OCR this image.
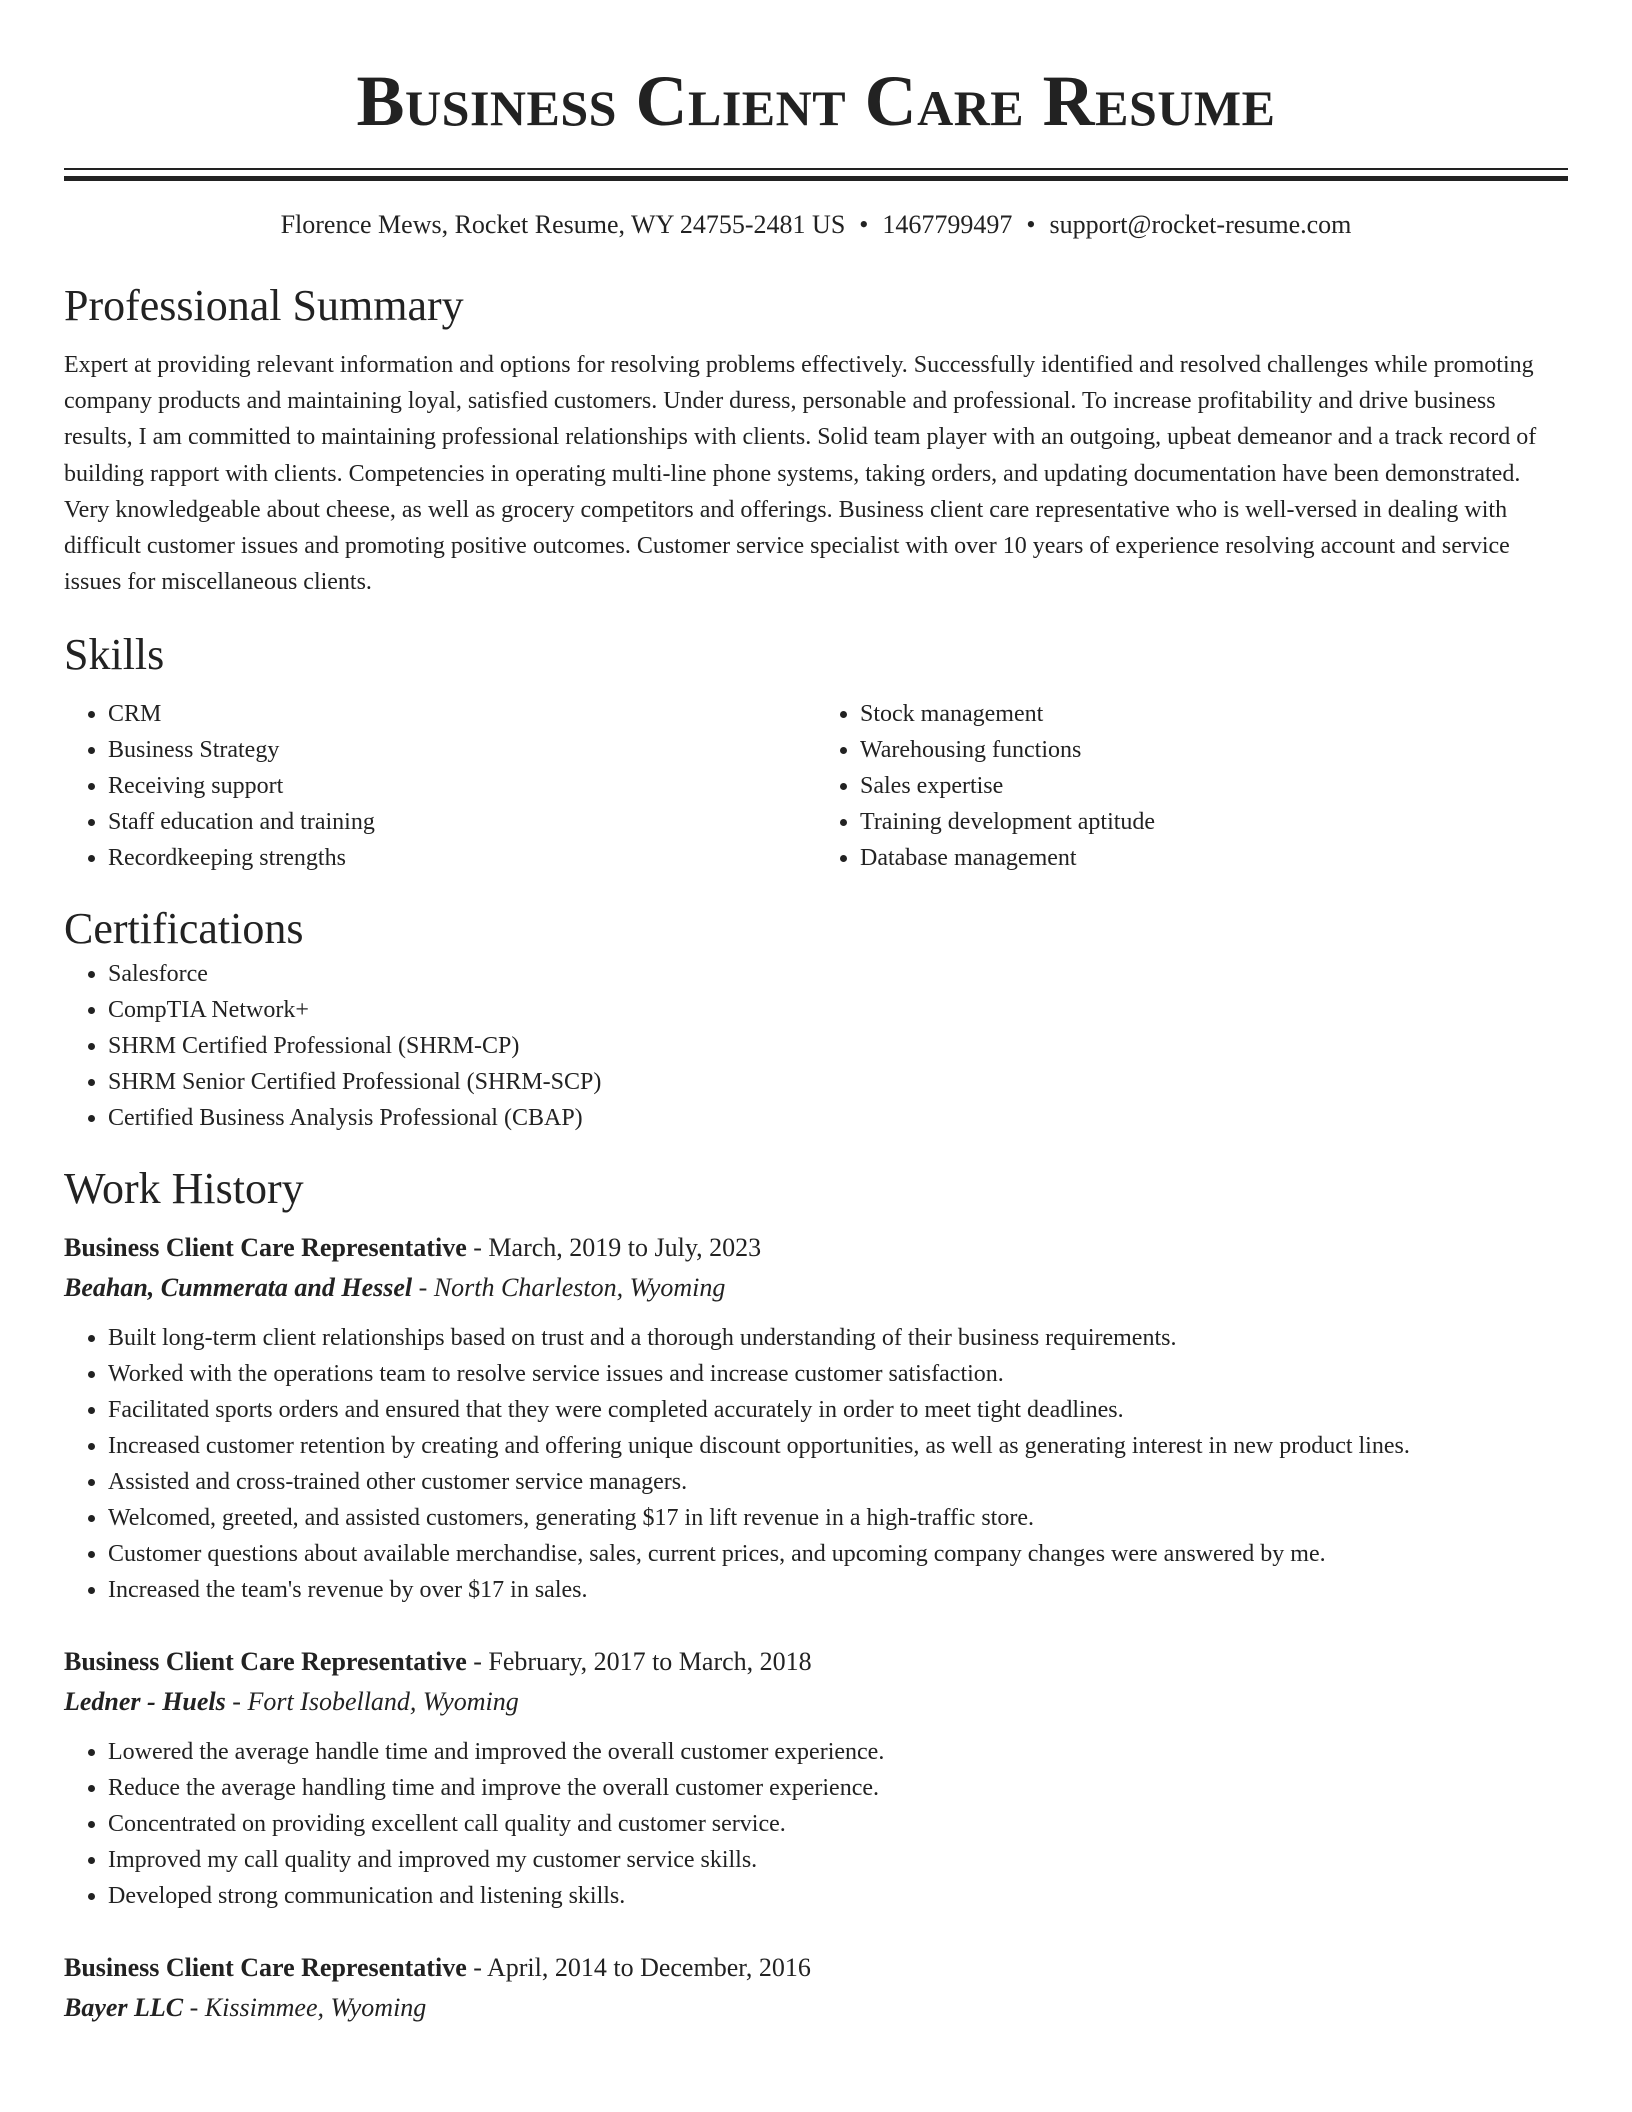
Business Client Care Resume
Florence Mews, Rocket Resume, WY 24755-2481 US • 1467799497 • support@rocket-resume.com
Professional Summary

Expert at providing relevant information and options for resolving problems effectively. Successfully identified and resolved challenges while promoting company products and maintaining loyal, satisfied customers. Under duress, personable and professional. To increase profitability and drive business results, I am committed to maintaining professional relationships with clients. Solid team player with an outgoing, upbeat demeanor and a track record of building rapport with clients. Competencies in operating multi-line phone systems, taking orders, and updating documentation have been demonstrated. Very knowledgeable about cheese, as well as grocery competitors and offerings. Business client care representative who is well-versed in dealing with difficult customer issues and promoting positive outcomes. Customer service specialist with over 10 years of experience resolving account and service issues for miscellaneous clients.

Skills
• CRM
• Business Strategy
• Receiving support
• Staff education and training
• Recordkeeping strengths
• Stock management
• Warehousing functions
• Sales expertise
• Training development aptitude
• Database management
Certifications
• Salesforce
• CompTIA Network+
• SHRM Certified Professional (SHRM-CP)
• SHRM Senior Certified Professional (SHRM-SCP)
• Certified Business Analysis Professional (CBAP)
Work History
Business Client Care Representative - March, 2019 to July, 2023
Beahan, Cummerata and Hessel - North Charleston, Wyoming
• Built long-term client relationships based on trust and a thorough understanding of their business requirements.
• Worked with the operations team to resolve service issues and increase customer satisfaction.
• Facilitated sports orders and ensured that they were completed accurately in order to meet tight deadlines.
• Increased customer retention by creating and offering unique discount opportunities, as well as generating interest in new product lines.
• Assisted and cross-trained other customer service managers.
• Welcomed, greeted, and assisted customers, generating $17 in lift revenue in a high-traffic store.
• Customer questions about available merchandise, sales, current prices, and upcoming company changes were answered by me.
• Increased the team's revenue by over $17 in sales.
Business Client Care Representative - February, 2017 to March, 2018
Ledner - Huels - Fort Isobelland, Wyoming
• Lowered the average handle time and improved the overall customer experience.
• Reduce the average handling time and improve the overall customer experience.
• Concentrated on providing excellent call quality and customer service.
• Improved my call quality and improved my customer service skills.
• Developed strong communication and listening skills.
Business Client Care Representative - April, 2014 to December, 2016
Bayer LLC - Kissimmee, Wyoming
